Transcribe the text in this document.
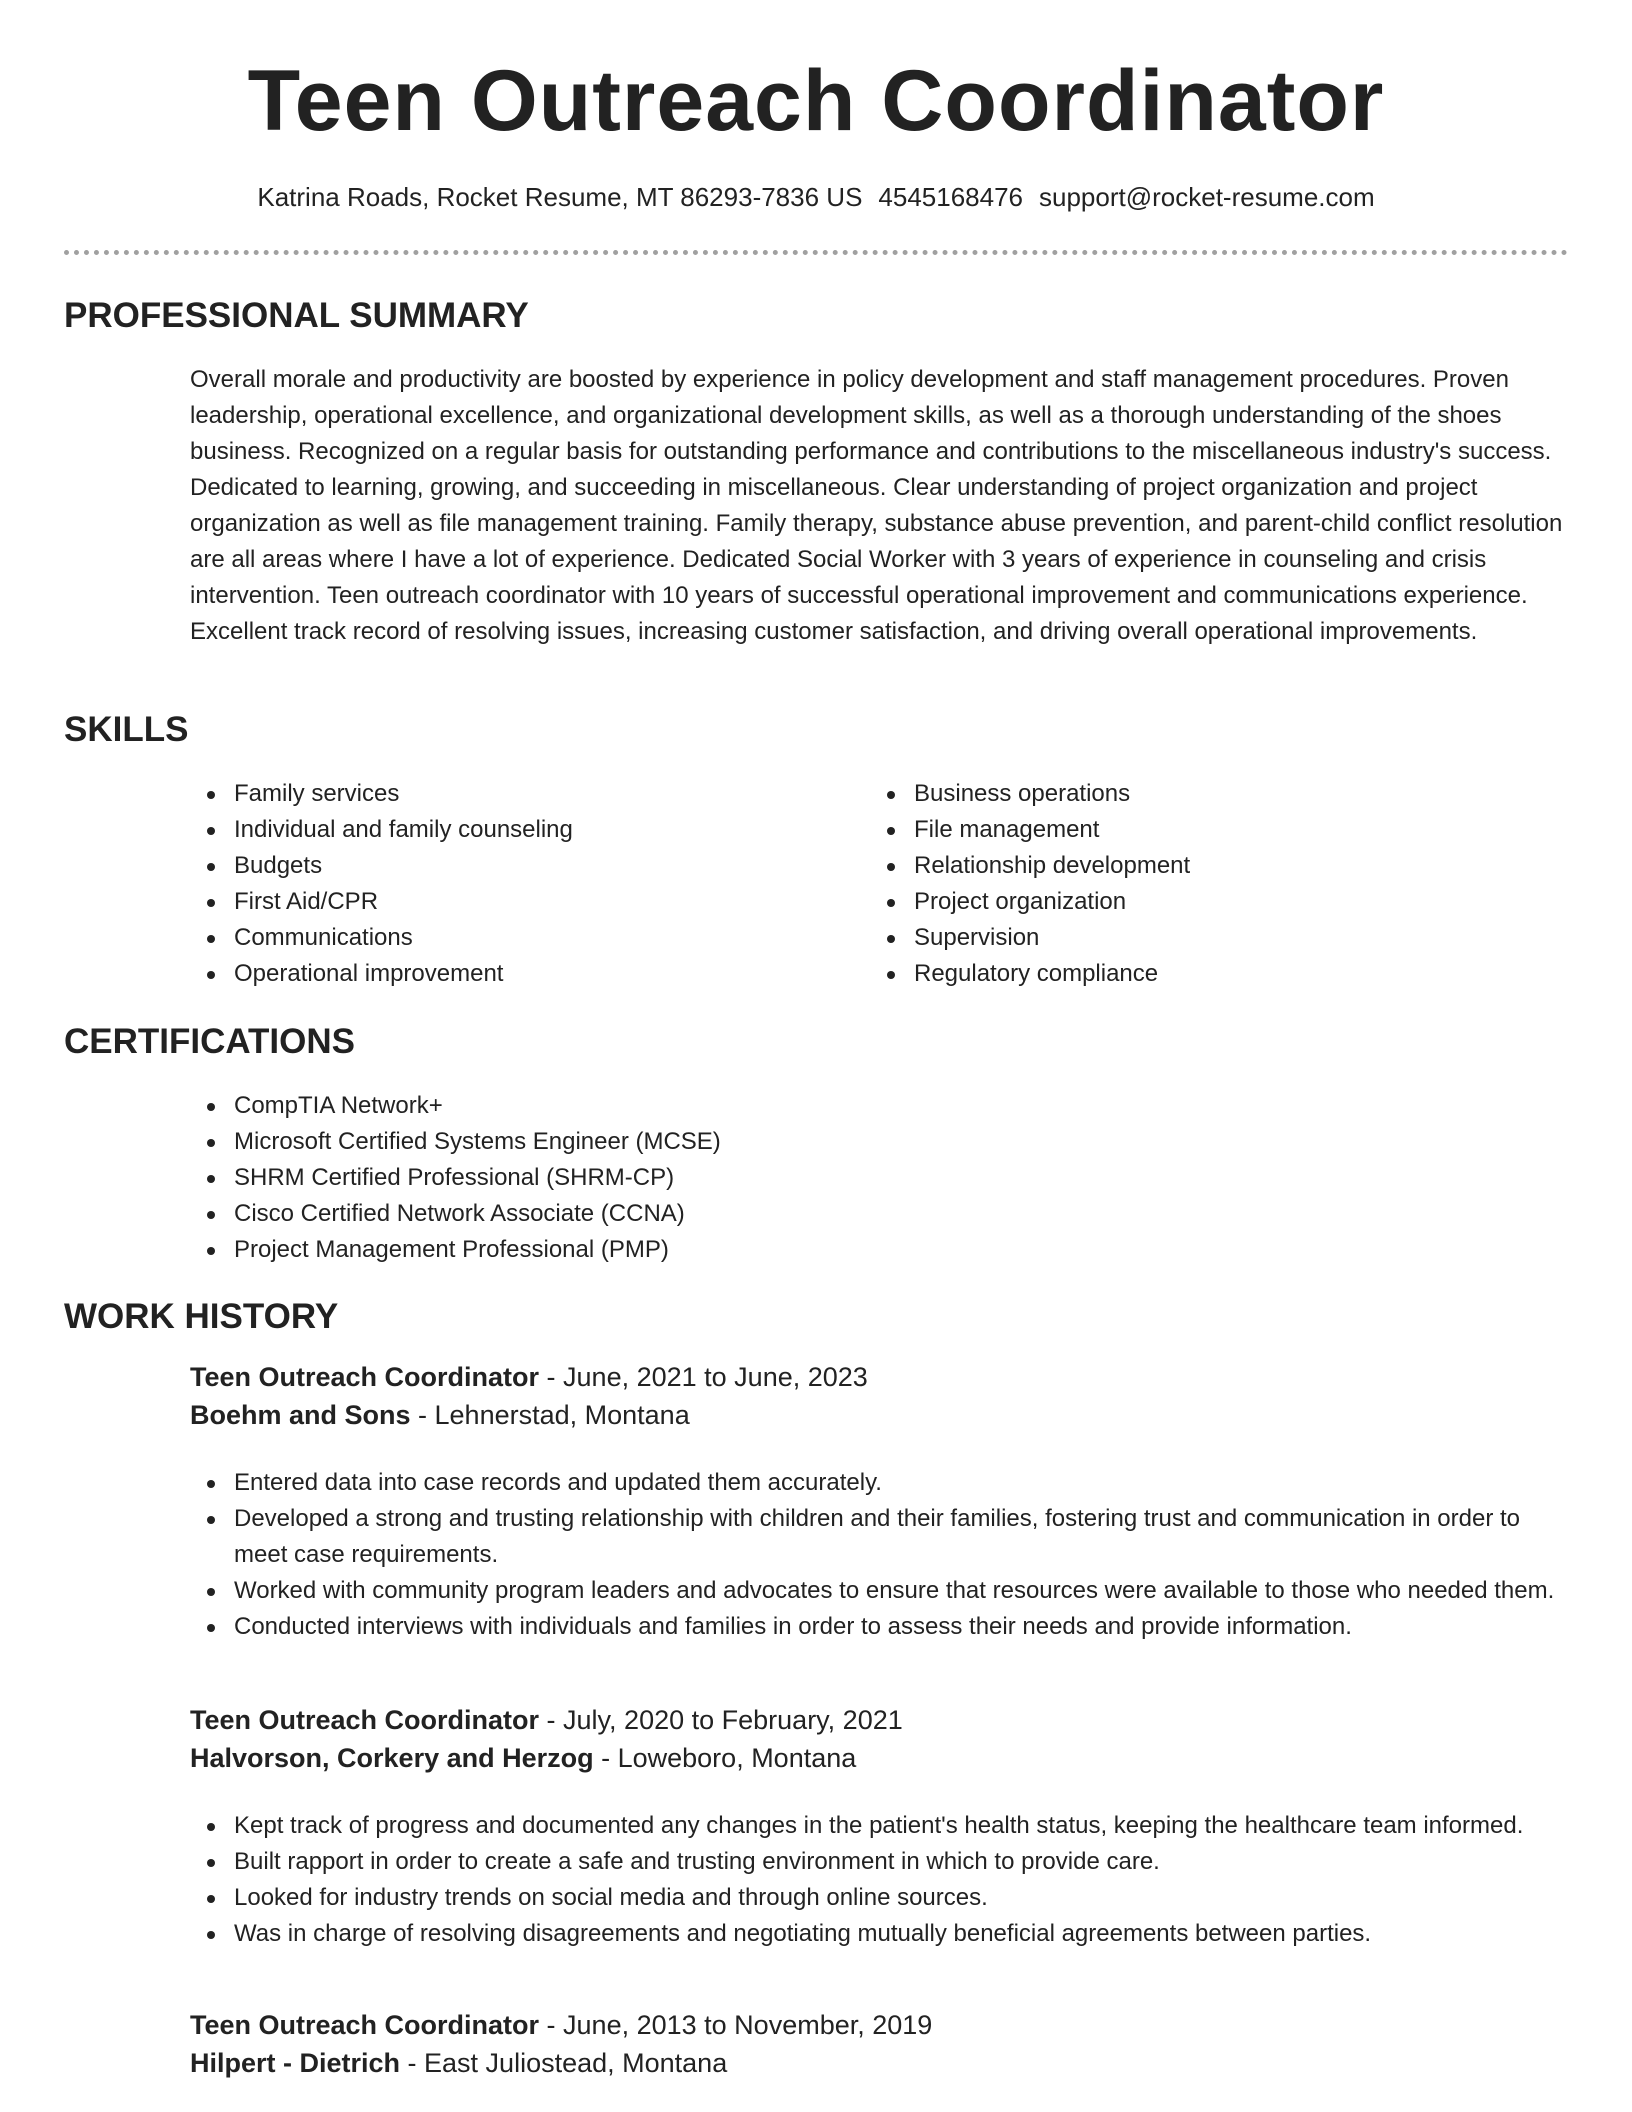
Teen Outreach Coordinator
Katrina Roads, Rocket Resume, MT 86293-7836 US 4545168476 support@rocket-resume.com
PROFESSIONAL SUMMARY
Overall morale and productivity are boosted by experience in policy development and staff management procedures. Proven leadership, operational excellence, and organizational development skills, as well as a thorough understanding of the shoes business. Recognized on a regular basis for outstanding performance and contributions to the miscellaneous industry's success. Dedicated to learning, growing, and succeeding in miscellaneous. Clear understanding of project organization and project organization as well as file management training. Family therapy, substance abuse prevention, and parent-child conflict resolution are all areas where I have a lot of experience. Dedicated Social Worker with 3 years of experience in counseling and crisis intervention. Teen outreach coordinator with 10 years of successful operational improvement and communications experience. Excellent track record of resolving issues, increasing customer satisfaction, and driving overall operational improvements.
SKILLS
Family services
Individual and family counseling
Budgets
First Aid/CPR
Communications
Operational improvement
Business operations
File management
Relationship development
Project organization
Supervision
Regulatory compliance
CERTIFICATIONS
CompTIA Network+
Microsoft Certified Systems Engineer (MCSE)
SHRM Certified Professional (SHRM-CP)
Cisco Certified Network Associate (CCNA)
Project Management Professional (PMP)
WORK HISTORY
Teen Outreach Coordinator - June, 2021 to June, 2023
Boehm and Sons - Lehnerstad, Montana
Entered data into case records and updated them accurately.
Developed a strong and trusting relationship with children and their families, fostering trust and communication in order to meet case requirements.
Worked with community program leaders and advocates to ensure that resources were available to those who needed them.
Conducted interviews with individuals and families in order to assess their needs and provide information.
Teen Outreach Coordinator - July, 2020 to February, 2021
Halvorson, Corkery and Herzog - Loweboro, Montana
Kept track of progress and documented any changes in the patient's health status, keeping the healthcare team informed.
Built rapport in order to create a safe and trusting environment in which to provide care.
Looked for industry trends on social media and through online sources.
Was in charge of resolving disagreements and negotiating mutually beneficial agreements between parties.
Teen Outreach Coordinator - June, 2013 to November, 2019
Hilpert - Dietrich - East Juliostead, Montana
